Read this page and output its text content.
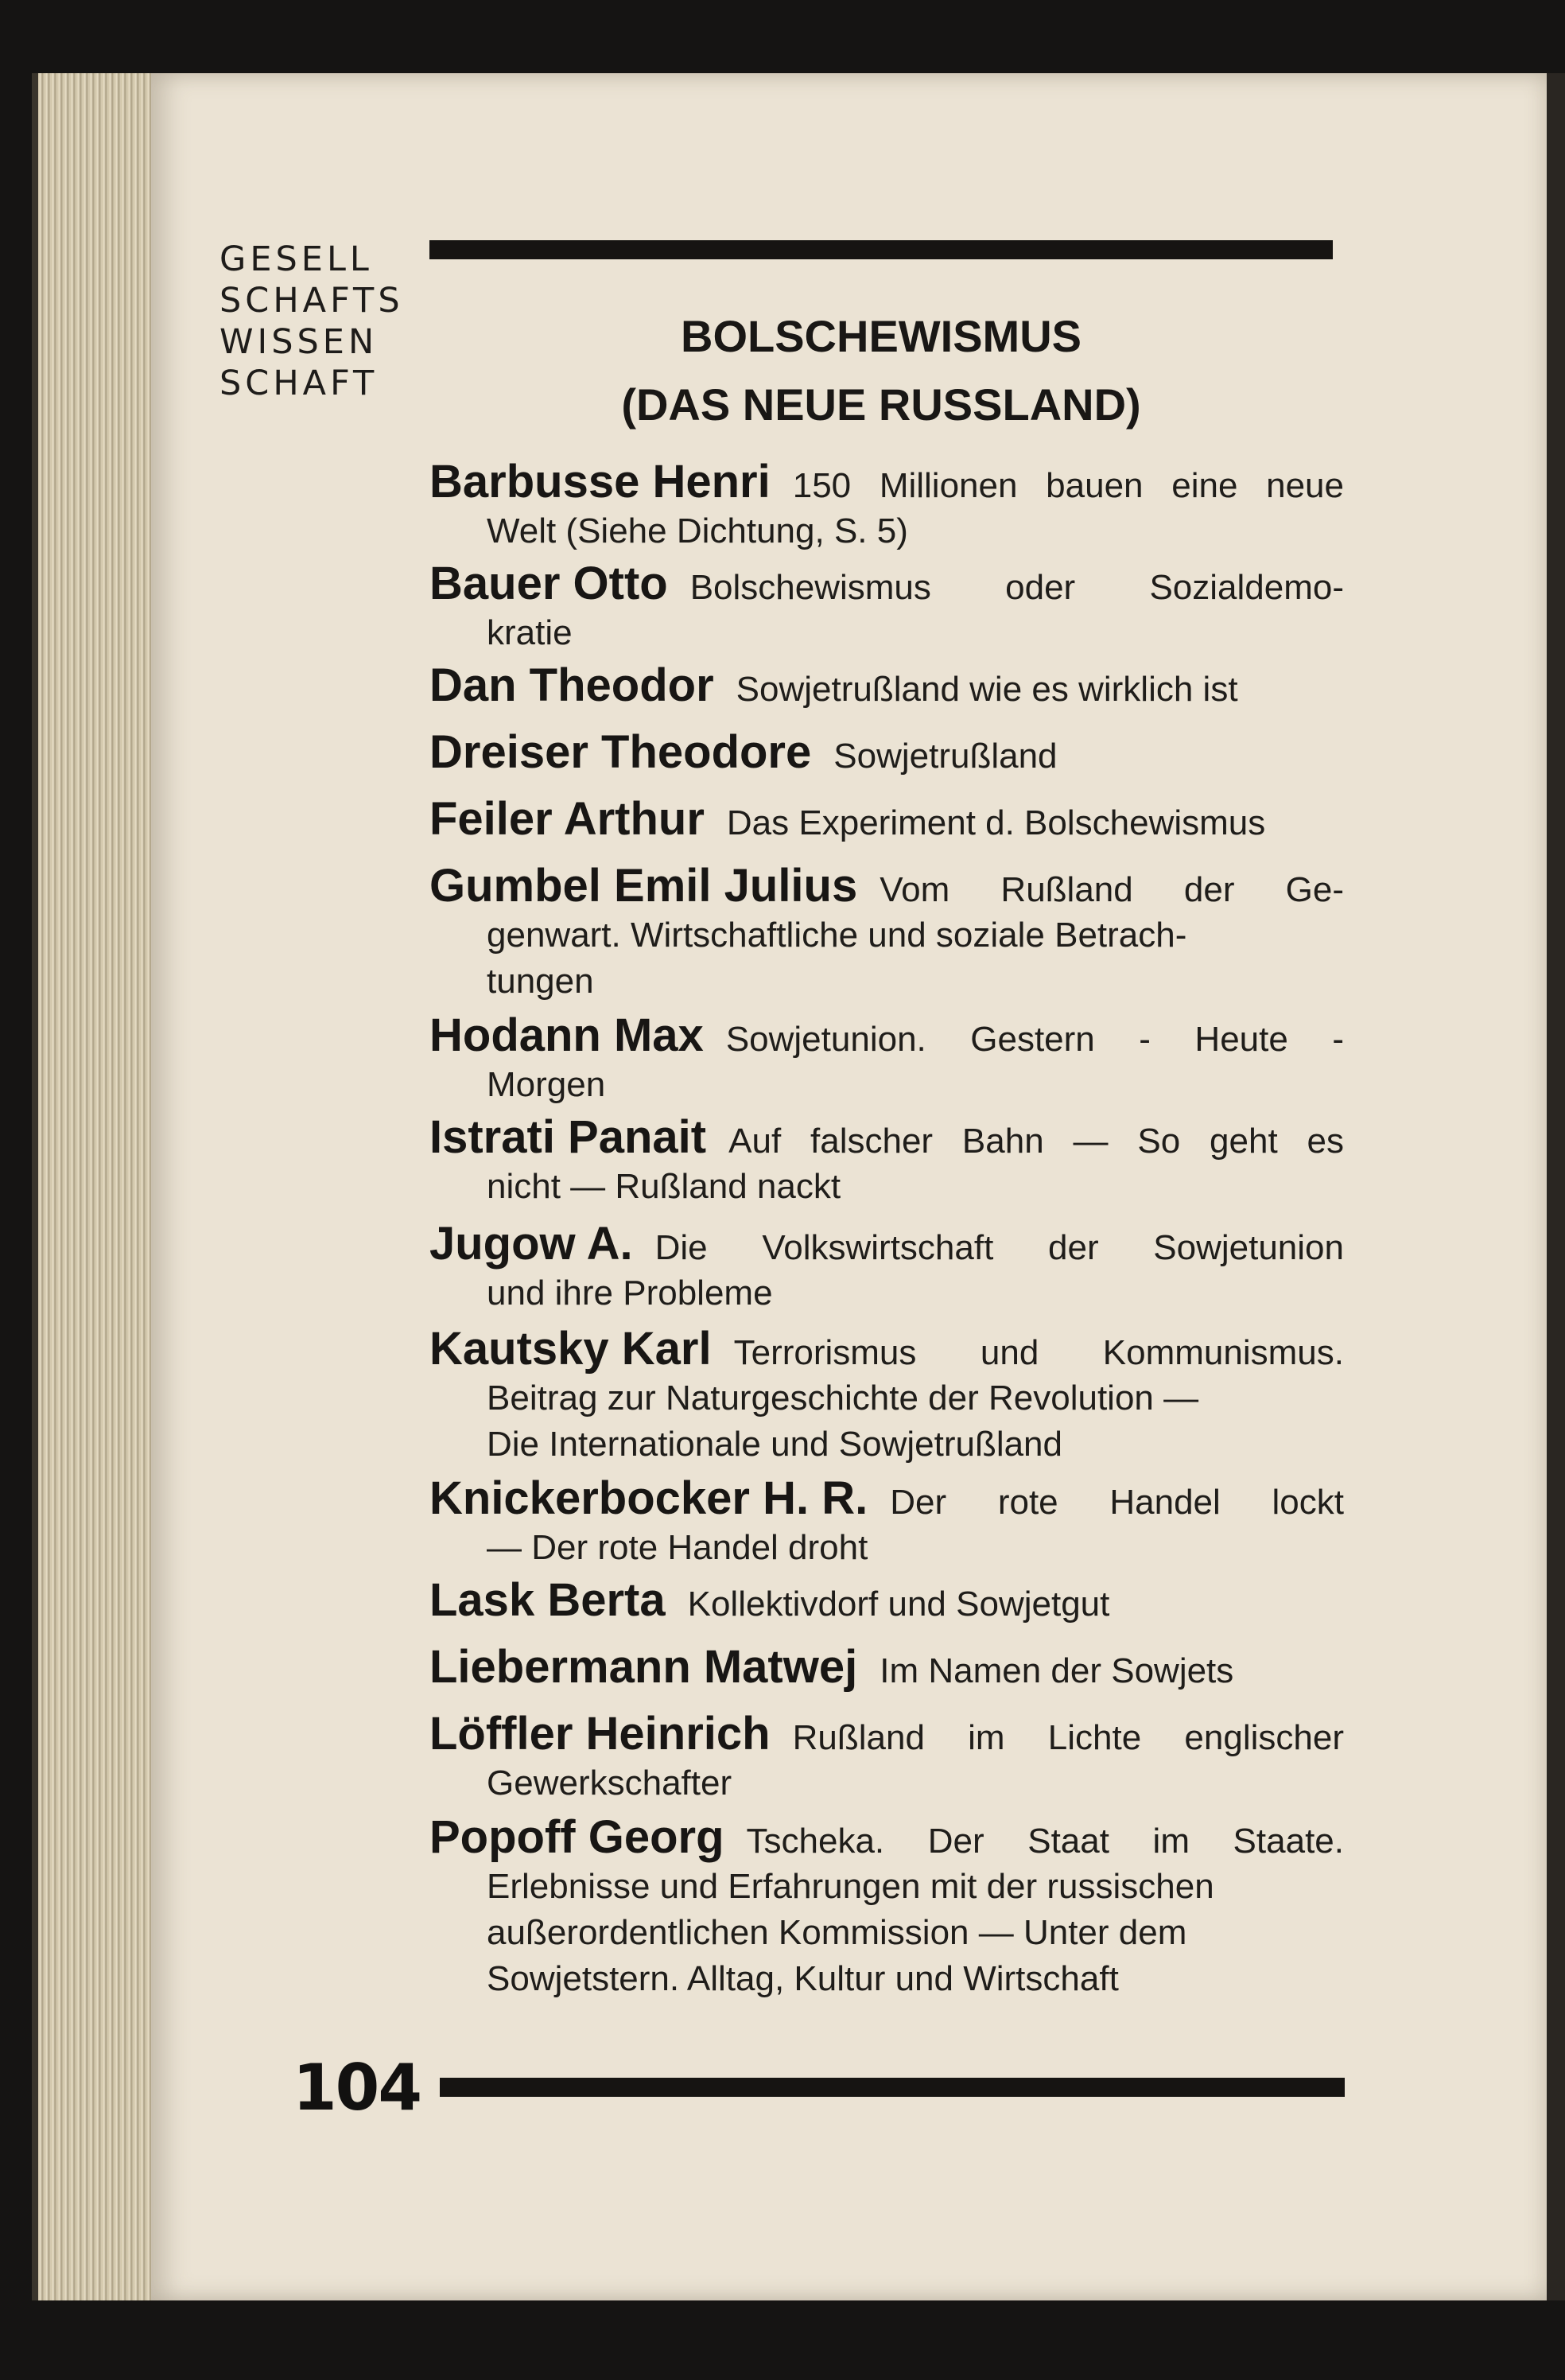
GESELL
SCHAFTS
WISSEN
SCHAFT
BOLSCHEWISMUS
(DAS NEUE RUSSLAND)
Barbusse Henri 150 Millionen bauen eine neue
Welt (Siehe Dichtung, S. 5)
Bauer Otto Bolschewismus oder Sozialdemo-
kratie
Dan Theodor Sowjetrußland wie es wirklich ist
Dreiser Theodore Sowjetrußland
Feiler Arthur Das Experiment d. Bolschewismus
Gumbel Emil Julius Vom Rußland der Ge-
genwart. Wirtschaftliche und soziale Betrach-
tungen
Hodann Max Sowjetunion. Gestern - Heute -
Morgen
Istrati Panait Auf falscher Bahn — So geht es
nicht — Rußland nackt
Jugow A. Die Volkswirtschaft der Sowjetunion
und ihre Probleme
Kautsky Karl Terrorismus und Kommunismus.
Beitrag zur Naturgeschichte der Revolution —
Die Internationale und Sowjetrußland
Knickerbocker H. R. Der rote Handel lockt
— Der rote Handel droht
Lask Berta Kollektivdorf und Sowjetgut
Liebermann Matwej Im Namen der Sowjets
Löffler Heinrich Rußland im Lichte englischer
Gewerkschafter
Popoff Georg Tscheka. Der Staat im Staate.
Erlebnisse und Erfahrungen mit der russischen
außerordentlichen Kommission — Unter dem
Sowjetstern. Alltag, Kultur und Wirtschaft
104
